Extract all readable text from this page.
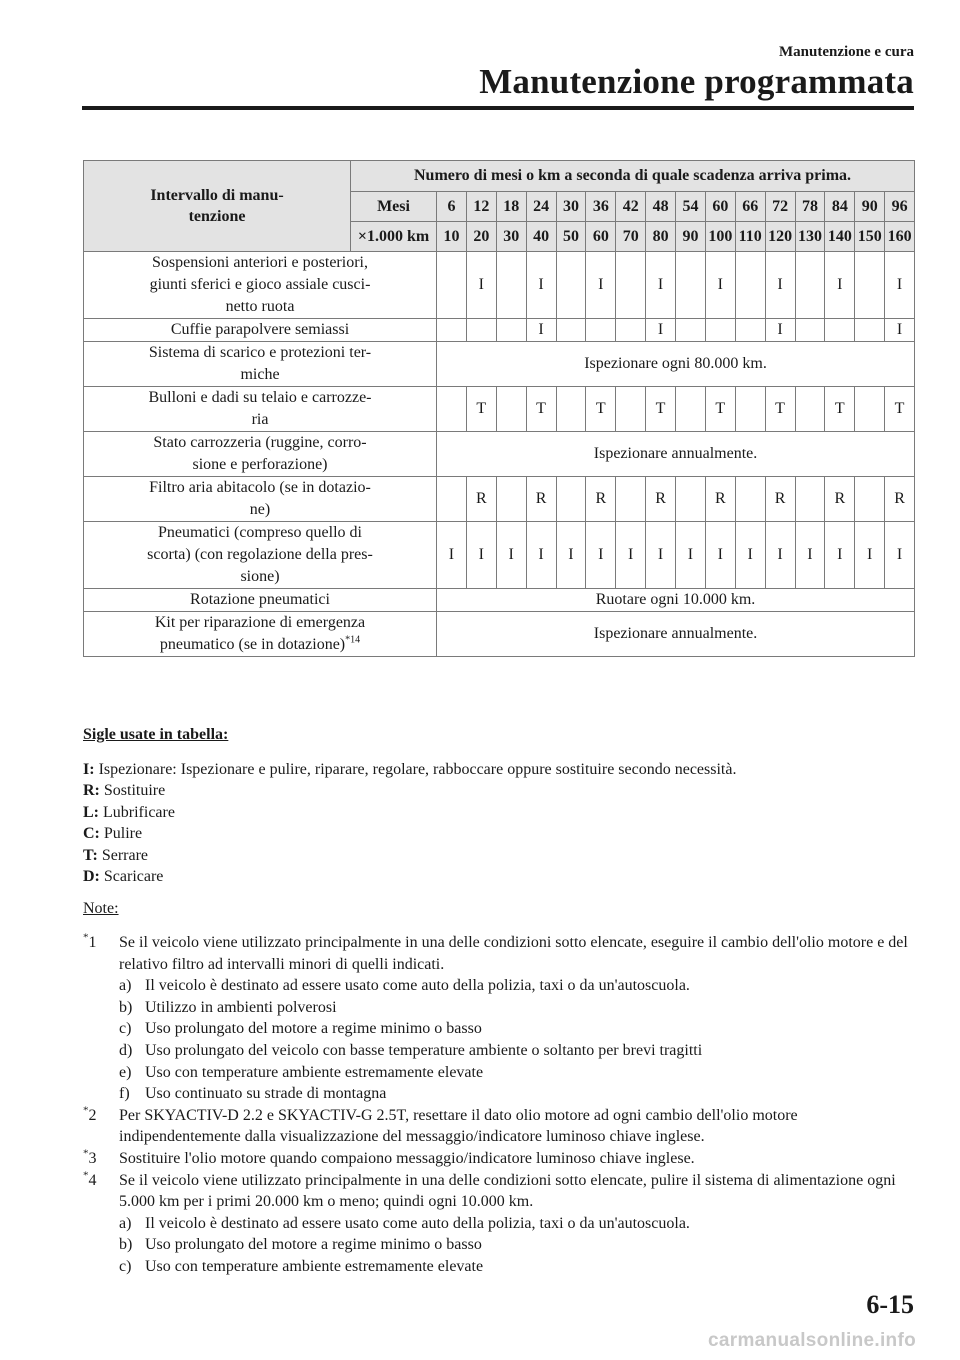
Manutenzione e cura
Manutenzione programmata
Intervallo di manu-
tenzione	Numero di mesi o km a seconda di quale scadenza arriva prima.																
	Mesi	6	12	18	24	30	36	42	48	54	60	66	72	78	84	90	96
	×1.000 km	10	20	30	40	50	60	70	80	90	100	110	120	130	140	150	160
Sospensioni anteriori e posteriori,
giunti sferici e gioco assiale cusci-
netto ruota			I		I		I		I		I		I		I		I
Cuffie parapolvere semiassi					I				I				I				I
Sistema di scarico e protezioni ter-
miche		Ispezionare ogni 80.000 km.															
Bulloni e dadi su telaio e carrozze-
ria			T		T		T		T		T		T		T		T
Stato carrozzeria (ruggine, corro-
sione e perforazione)		Ispezionare annualmente.															
Filtro aria abitacolo (se in dotazio-
ne)			R		R		R		R		R		R		R		R
Pneumatici (compreso quello di
scorta) (con regolazione della pres-
sione)		I	I	I	I	I	I	I	I	I	I	I	I	I	I	I	I
Rotazione pneumatici		Ruotare ogni 10.000 km.															
Kit per riparazione di emergenza
pneumatico (se in dotazione)$^{*14}$		Ispezionare annualmente.															
Sigle usate in tabella:
I: Ispezionare: Ispezionare e pulire, riparare, regolare, rabboccare oppure sostituire secondo necessità.
R: Sostituire
L: Lubrificare
C: Pulire
T: Serrare
D: Scaricare
Note:
*1	Se il veicolo viene utilizzato principalmente in una delle condizioni sotto elencate, eseguire il cambio dell'olio motore e del relativo filtro ad intervalli minori di quelli indicati.
a) Il veicolo è destinato ad essere usato come auto della polizia, taxi o da un'autoscuola.
b) Utilizzo in ambienti polverosi
c) Uso prolungato del motore a regime minimo o basso
d) Uso prolungato del veicolo con basse temperature ambiente o soltanto per brevi tragitti
e) Uso con temperature ambiente estremamente elevate
f) Uso continuato su strade di montagna
*2	Per SKYACTIV-D 2.2 e SKYACTIV-G 2.5T, resettare il dato olio motore ad ogni cambio dell'olio motore indipendentemente dalla visualizzazione del messaggio/indicatore luminoso chiave inglese.
*3	Sostituire l'olio motore quando compaiono messaggio/indicatore luminoso chiave inglese.
*4	Se il veicolo viene utilizzato principalmente in una delle condizioni sotto elencate, pulire il sistema di alimentazione ogni 5.000 km per i primi 20.000 km o meno; quindi ogni 10.000 km.
a) Il veicolo è destinato ad essere usato come auto della polizia, taxi o da un'autoscuola.
b) Uso prolungato del motore a regime minimo o basso
c) Uso con temperature ambiente estremamente elevate
6-15
carmanualsonline.info
